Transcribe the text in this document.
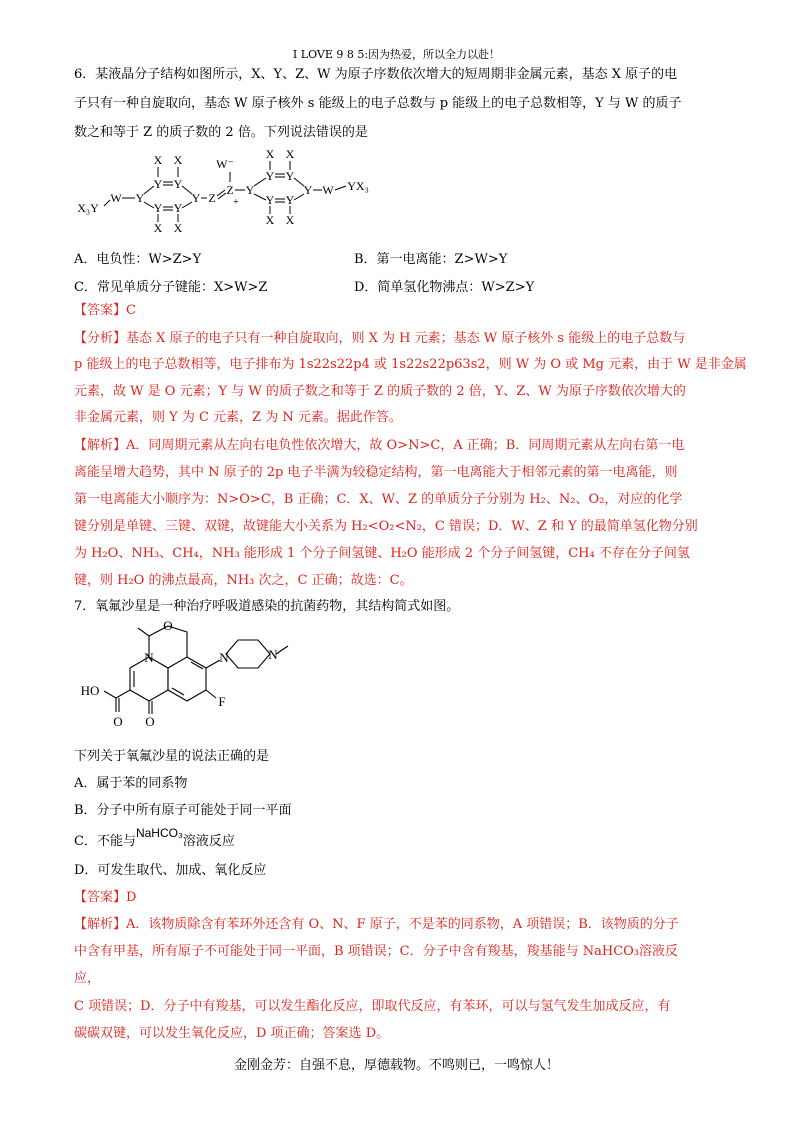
I LOVE 9 8 5:因为热爱，所以全力以赴！
6．某液晶分子结构如图所示，X、Y、Z、W 为原子序数依次增大的短周期非金属元素，基态 X 原子的电
子只有一种自旋取向，基态 W 原子核外 s 能级上的电子总数与 p 能级上的电子总数相等，Y 与 W 的质子
数之和等于 Z 的质子数的 2 倍。下列说法错误的是
X X	X X
W⁻
X X
X X
X₃Y
W Y
Y Y
Y Y
Y Z
Z
+
Y
Y Y
Y Y
Y W YX₃
A．电负性：W>Z>Y	B．第一电离能：Z>W>Y
C．常见单质分子键能：X>W>Z	D．简单氢化物沸点：W>Z>Y
【答案】C
【分析】基态 X 原子的电子只有一种自旋取向，则 X 为 H 元素；基态 W 原子核外 s 能级上的电子总数与
p 能级上的电子总数相等，电子排布为 1s22s22p4 或 1s22s22p63s2，则 W 为 O 或 Mg 元素，由于 W 是非金属
元素，故 W 是 O 元素；Y 与 W 的质子数之和等于 Z 的质子数的 2 倍，Y、Z、W 为原子序数依次增大的
非金属元素，则 Y 为 C 元素，Z 为 N 元素。据此作答。
【解析】A．同周期元素从左向右电负性依次增大，故 O>N>C，A 正确；B．同周期元素从左向右第一电
离能呈增大趋势，其中 N 原子的 2p 电子半满为较稳定结构，第一电离能大于相邻元素的第一电离能，则
第一电离能大小顺序为：N>O>C，B 正确；C．X、W、Z 的单质分子分别为 H₂、N₂、O₂，对应的化学
键分别是单键、三键、双键，故键能大小关系为 H₂<O₂<N₂，C 错误；D．W、Z 和 Y 的最简单氢化物分别
为 H₂O、NH₃、CH₄，NH₃ 能形成 1 个分子间氢键、H₂O 能形成 2 个分子间氢键，CH₄ 不存在分子间氢
键，则 H₂O 的沸点最高，NH₃ 次之，C 正确；故选：C。
7．氧氟沙星是一种治疗呼吸道感染的抗菌药物，其结构简式如图。
N
O
N	N
HO
O O
F
下列关于氧氟沙星的说法正确的是
A．属于苯的同系物
B．分子中所有原子可能处于同一平面
C．不能与NaHCO₃溶液反应
D．可发生取代、加成、氧化反应
【答案】D
【解析】A．该物质除含有苯环外还含有 O、N、F 原子，不是苯的同系物，A 项错误；B．该物质的分子
中含有甲基，所有原子不可能处于同一平面，B 项错误；C．分子中含有羧基，羧基能与 NaHCO₃溶液反
应，
C 项错误；D．分子中有羧基，可以发生酯化反应，即取代反应，有苯环，可以与氢气发生加成反应，有
碳碳双键，可以发生氧化反应，D 项正确；答案选 D。
金刚金芳：自强不息，厚德载物。不鸣则已，一鸣惊人！
